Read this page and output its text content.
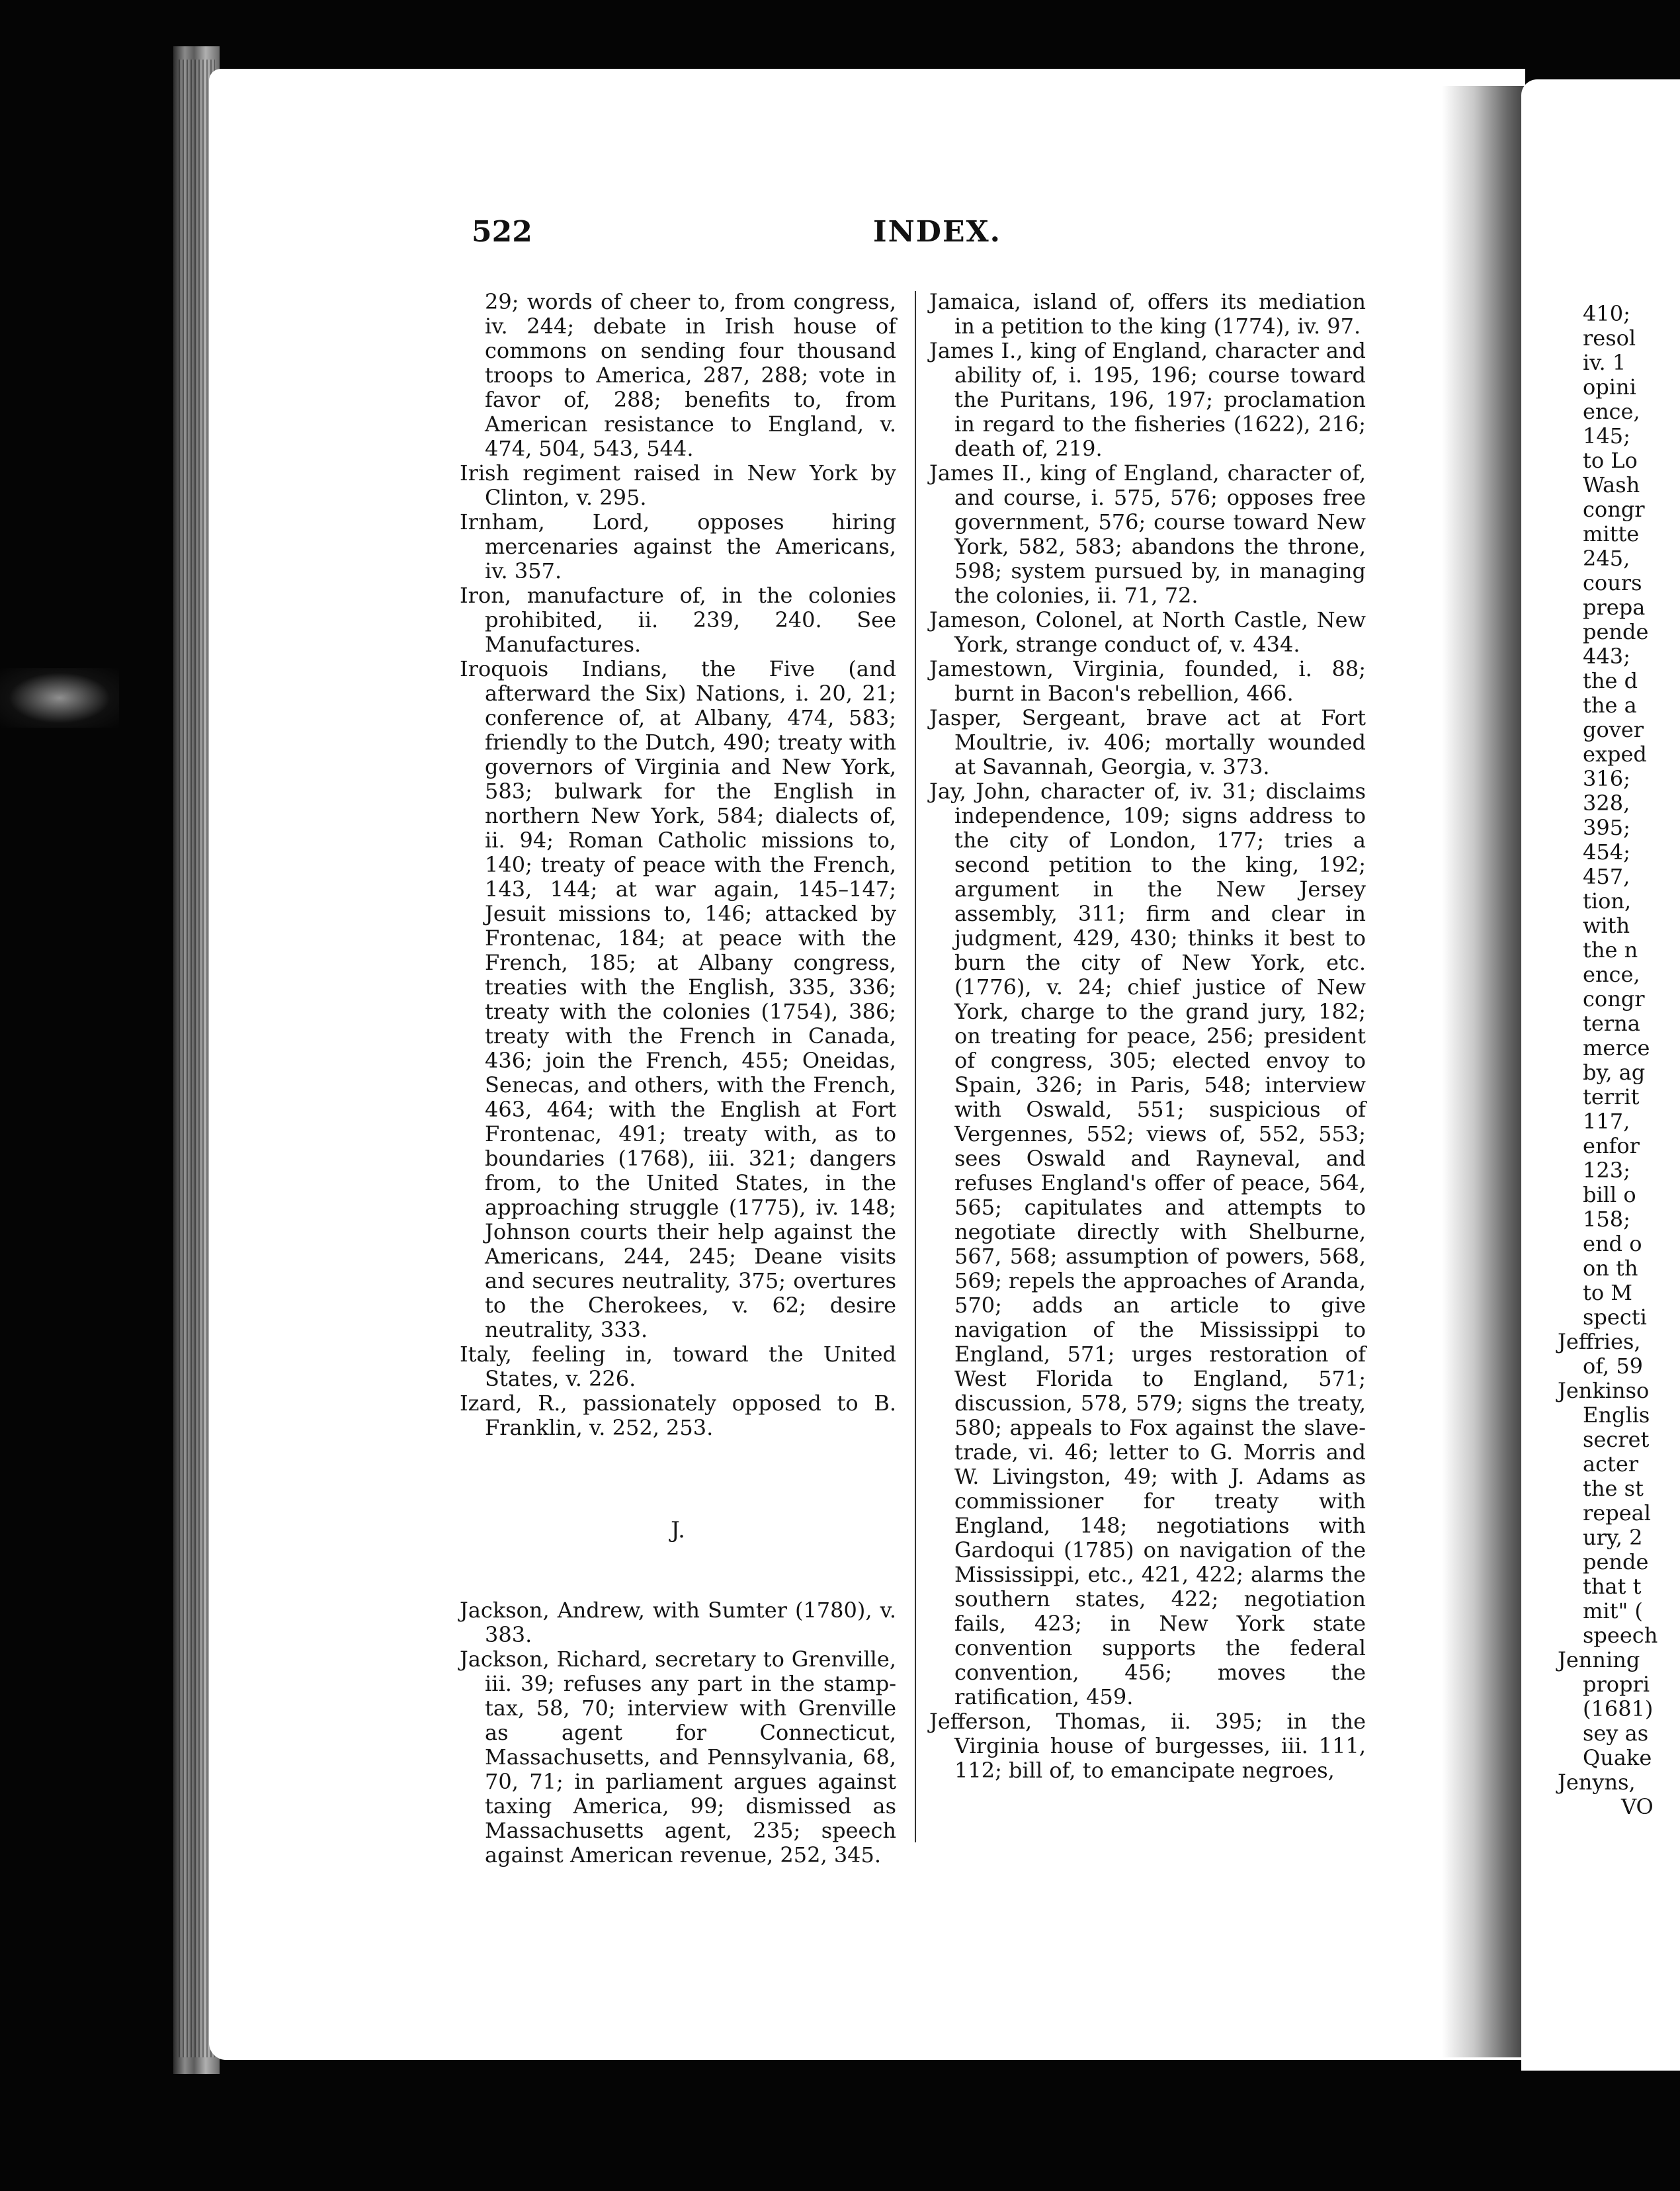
522	INDEX.

29; words of cheer to, from congress, iv. 244; debate in Irish house of commons on sending four thousand troops to America, 287, 288; vote in favor of, 288; benefits to, from American resistance to England, v. 474, 504, 543, 544.

Irish regiment raised in New York by Clinton, v. 295.

Irnham, Lord, opposes hiring mercenaries against the Americans, iv. 357.

Iron, manufacture of, in the colonies prohibited, ii. 239, 240. See Manufactures.

Iroquois Indians, the Five (and afterward the Six) Nations, i. 20, 21; conference of, at Albany, 474, 583; friendly to the Dutch, 490; treaty with governors of Virginia and New York, 583; bulwark for the English in northern New York, 584; dialects of, ii. 94; Roman Catholic missions to, 140; treaty of peace with the French, 143, 144; at war again, 145–147; Jesuit missions to, 146; attacked by Frontenac, 184; at peace with the French, 185; at Albany congress, treaties with the English, 335, 336; treaty with the colonies (1754), 386; treaty with the French in Canada, 436; join the French, 455; Oneidas, Senecas, and others, with the French, 463, 464; with the English at Fort Frontenac, 491; treaty with, as to boundaries (1768), iii. 321; dangers from, to the United States, in the approaching struggle (1775), iv. 148; Johnson courts their help against the Americans, 244, 245; Deane visits and secures neutrality, 375; overtures to the Cherokees, v. 62; desire neutrality, 333.

Italy, feeling in, toward the United States, v. 226.

Izard, R., passionately opposed to B. Franklin, v. 252, 253.

J.

Jackson, Andrew, with Sumter (1780), v. 383.

Jackson, Richard, secretary to Grenville, iii. 39; refuses any part in the stamp-tax, 58, 70; interview with Grenville as agent for Connecticut, Massachusetts, and Pennsylvania, 68, 70, 71; in parliament argues against taxing America, 99; dismissed as Massachusetts agent, 235; speech against American revenue, 252, 345.

Jamaica, island of, offers its mediation in a petition to the king (1774), iv. 97.

James I., king of England, character and ability of, i. 195, 196; course toward the Puritans, 196, 197; proclamation in regard to the fisheries (1622), 216; death of, 219.

James II., king of England, character of, and course, i. 575, 576; opposes free government, 576; course toward New York, 582, 583; abandons the throne, 598; system pursued by, in managing the colonies, ii. 71, 72.

Jameson, Colonel, at North Castle, New York, strange conduct of, v. 434.

Jamestown, Virginia, founded, i. 88; burnt in Bacon's rebellion, 466.

Jasper, Sergeant, brave act at Fort Moultrie, iv. 406; mortally wounded at Savannah, Georgia, v. 373.

Jay, John, character of, iv. 31; disclaims independence, 109; signs address to the city of London, 177; tries a second petition to the king, 192; argument in the New Jersey assembly, 311; firm and clear in judgment, 429, 430; thinks it best to burn the city of New York, etc. (1776), v. 24; chief justice of New York, charge to the grand jury, 182; on treating for peace, 256; president of congress, 305; elected envoy to Spain, 326; in Paris, 548; interview with Oswald, 551; suspicious of Vergennes, 552; views of, 552, 553; sees Oswald and Rayneval, and refuses England's offer of peace, 564, 565; capitulates and attempts to negotiate directly with Shelburne, 567, 568; assumption of powers, 568, 569; repels the approaches of Aranda, 570; adds an article to give navigation of the Mississippi to England, 571; urges restoration of West Florida to England, 571; discussion, 578, 579; signs the treaty, 580; appeals to Fox against the slave-trade, vi. 46; letter to G. Morris and W. Livingston, 49; with J. Adams as commissioner for treaty with England, 148; negotiations with Gardoqui (1785) on navigation of the Mississippi, etc., 421, 422; alarms the southern states, 422; negotiation fails, 423; in New York state convention supports the federal convention, 456; moves the ratification, 459.

Jefferson, Thomas, ii. 395; in the Virginia house of burgesses, iii. 111, 112; bill of, to emancipate negroes,

410;

resol

iv. 1

opini

ence,

145;

to Lo

Wash

congr

mitte

245,

cours

prepa

pende

443;

the d

the a

gover

exped

316;

328,

395;

454;

457,

tion,

with

the n

ence,

congr

terna

merce

by, ag

territ

117,

enfor

123;

bill o

158;

end o

on th

to M

specti

Jeffries,

of, 59

Jenkinso

Englis

secret

acter

the st

repeal

ury, 2

pende

that t

mit" (

speech

Jenning

propri

(1681)

sey as

Quake

Jenyns,

VO
